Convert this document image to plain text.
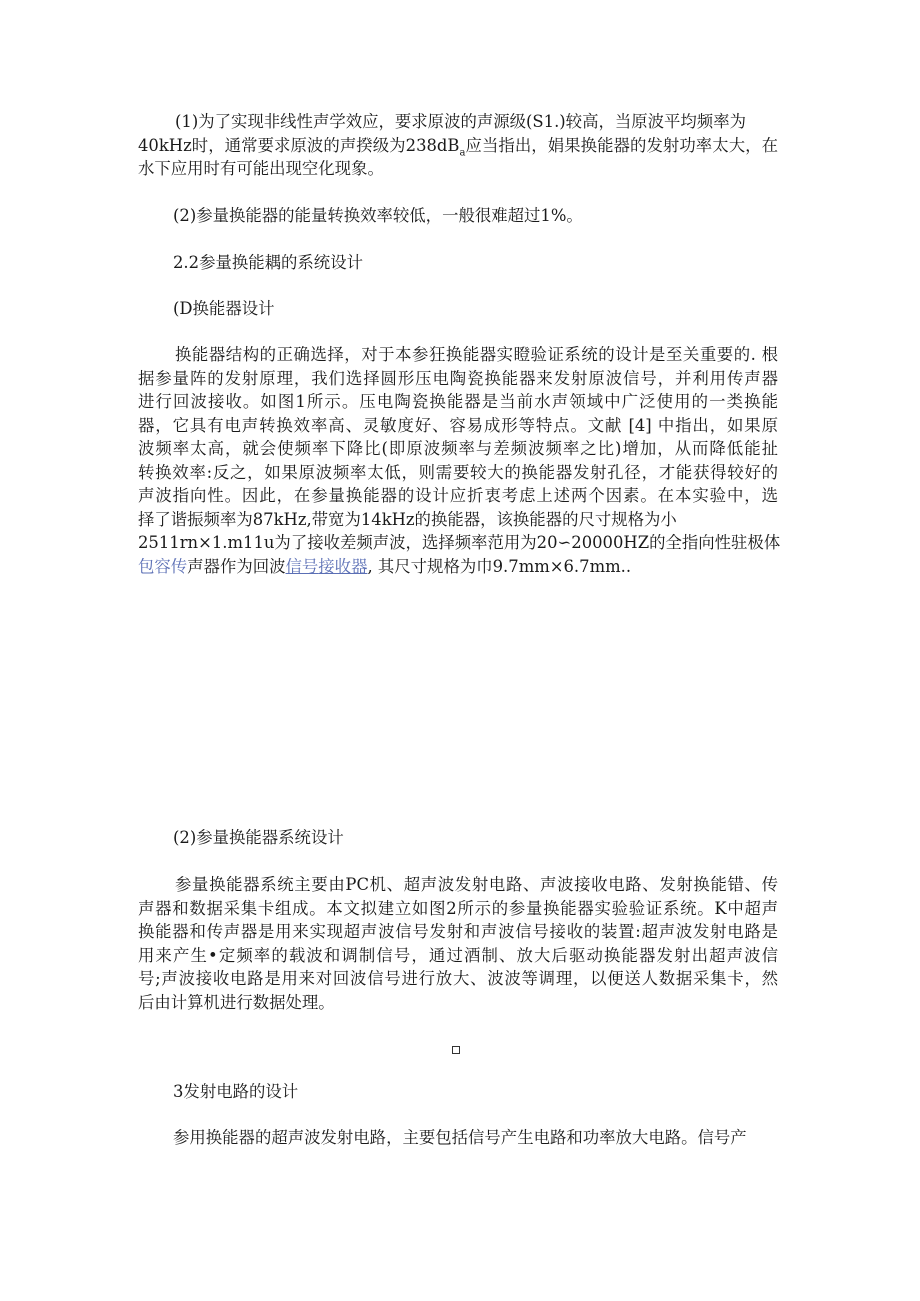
(1)为了实现非线性声学效应，要求原波的声源级(S1.)较高，当原波平均频率为
40kHz时，通常要求原波的声揆级为$238dB_a$应当指出，娟果换能器的发射功率太大，在
水下应用时有可能出现空化现象。

(2)参量换能器的能量转换效率较低，一般很难超过1%。

2.2参量换能耦的系统设计

(D换能器设计

换能器结构的正确选择，对于本参狂换能器实瞪验证系统的设计是至关重要的. 根
据参量阵的发射原理，我们选择圆形压电陶瓷换能器来发射原波信号，并利用传声器
进行回波接收。如图1所示。压电陶瓷换能器是当前水声领域中广泛使用的一类换能
器，它具有电声转换效率高、灵敏度好、容易成形等特点。文献 [4] 中指出，如果原
波频率太高，就会使频率下降比(即原波频率与差频波频率之比)增加，从而降低能扯
转换效率:反之，如果原波频率太低，则需要较大的换能器发射孔径，才能获得较好的
声波指向性。因此，在参量换能器的设计应折衷考虑上述两个因素。在本实验中，选
择了谐振频率为87kHz,带宽为14kHz的换能器，该换能器的尺寸规格为小
2511rn×1.m11u为了接收差频声波，选择频率范用为20∽20000HZ的全指向性驻极体
包容传声器作为回波信号接收器, 其尺寸规格为巾9.7mm×6.7mm..

(2)参量换能器系统设计

参量换能器系统主要由PC机、超声波发射电路、声波接收电路、发射换能错、传
声器和数据采集卡组成。本文拟建立如图2所示的参量换能器实验验证系统。K中超声
换能器和传声器是用来实现超声波信号发射和声波信号接收的装置:超声波发射电路是
用来产生•定频率的载波和调制信号，通过酒制、放大后驱动换能器发射出超声波信
号;声波接收电路是用来对回波信号进行放大、波波等调理，以便送人数据采集卡，然
后由计算机进行数据处理。

3发射电路的设计

参用换能器的超声波发射电路，主要包括信号产生电路和功率放大电路。信号产
